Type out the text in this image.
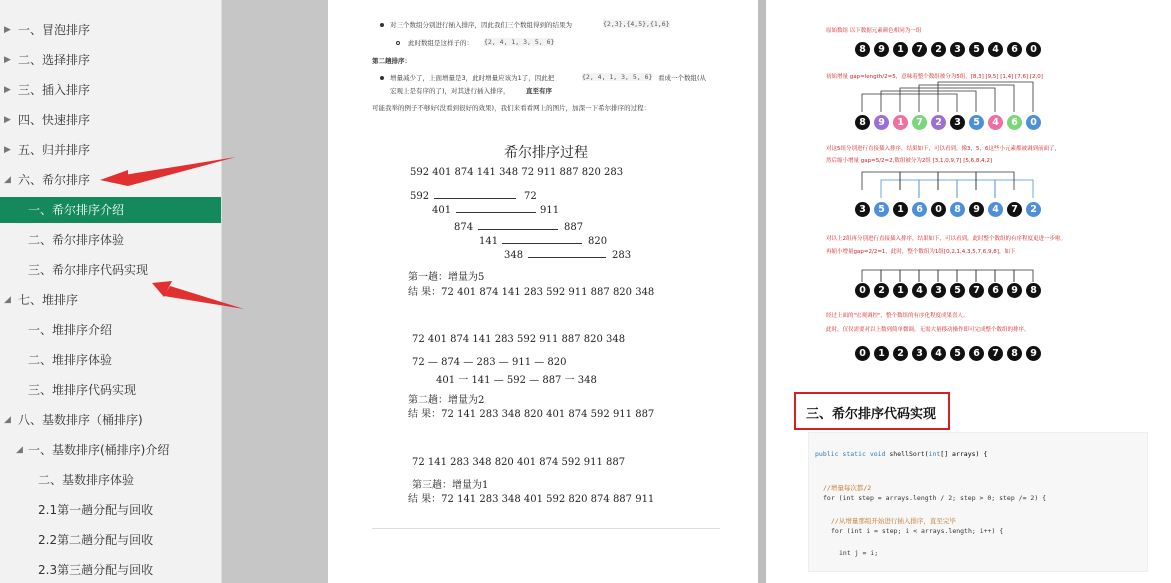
▶ 一、冒泡排序
▶ 二、选择排序
▶ 三、插入排序
▶ 四、快速排序
▶ 五、归并排序
◢ 六、希尔排序
一、希尔排序介绍
二、希尔排序体验
三、希尔排序代码实现
◢ 七、堆排序
一、堆排序介绍
二、堆排序体验
三、堆排序代码实现
◢ 八、基数排序（桶排序)
◢ 一、基数排序(桶排序)介绍
二、基数排序体验
2.1第一趟分配与回收
2.2第二趟分配与回收
2.3第三趟分配与回收
对三个数组分别进行插入排序，因此我们三个数组得到的结果为	{2,3},{4,5},{1,6}
此时数组是这样子的： {2, 4, 1, 3, 5, 6}
第二趟排序：
增量减少了，上面增量是3，此时增量应该为1了，因此把	{2, 4, 1, 3, 5, 6} 看成一个数组(从
宏观上是有序的了)，对其进行插入排序，	直至有序
可能我举的例子不够好(没看到很好的效果)，我们来看看网上的图片，加深一下希尔排序的过程：
希尔排序过程
592 401 874 141 348 72 911 887 820 283
592	72
401	911
874	887
141	820
348	283
第一趟：增量为5
结 果：72 401 874 141 283 592 911 887 820 348
72 401 874 141 283 592 911 887 820 348
72 — 874 — 283 — 911 — 820
401 一 141 — 592 — 887 一 348
第二趟：增量为2
结 果：72 141 283 348 820 401 874 592 911 887
72 141 283 348 820 401 874 592 911 887
第三趟：增量为1
结 果：72 141 283 348 401 592 820 874 887 911
原始数组 以下数据元素颜色相同为一组
8	9	1	7	2	3	5	4	6	0
初始增量 gap=length/2=5，意味着整个数组被分为5组，[8,3] [9,5] [1,4] [7,6] [2,0]
8	9	1	7	2	3	5	4	6	0
对这5组分别进行直接插入排序，结果如下，可以看到，像3，5，6这些小元素都被调到前面了，
然后缩小增量 gap=5/2=2,数组被分为2组 [3,1,0,9,7] [5,6,8,4,2]
3	5	1	6	0	8	9	4	7	2
对以上2组再分别进行直接插入排序，结果如下，可以看到，此时整个数组的有序程度更进一步啦。
再缩小增量gap=2/2=1，此时，整个数组为1组[0,2,1,4,3,5,7,6,9,8]，如下
0	2	1	4	3	5	7	6	9	8
经过上面的"宏观调控"，整个数组的有序化程度成果喜人。
此时，仅仅需要对以上数列简单微调，无需大量移动操作即可完成整个数组的排序。
0	1	2	3	4	5	6	7	8	9
三、希尔排序代码实现
public static void shellSort(int[] arrays) {
//增量每次都/2
for (int step = arrays.length / 2; step > 0; step /= 2) {
//从增量那组开始进行插入排序，直至完毕
for (int i = step; i < arrays.length; i++) {
int j = i;
